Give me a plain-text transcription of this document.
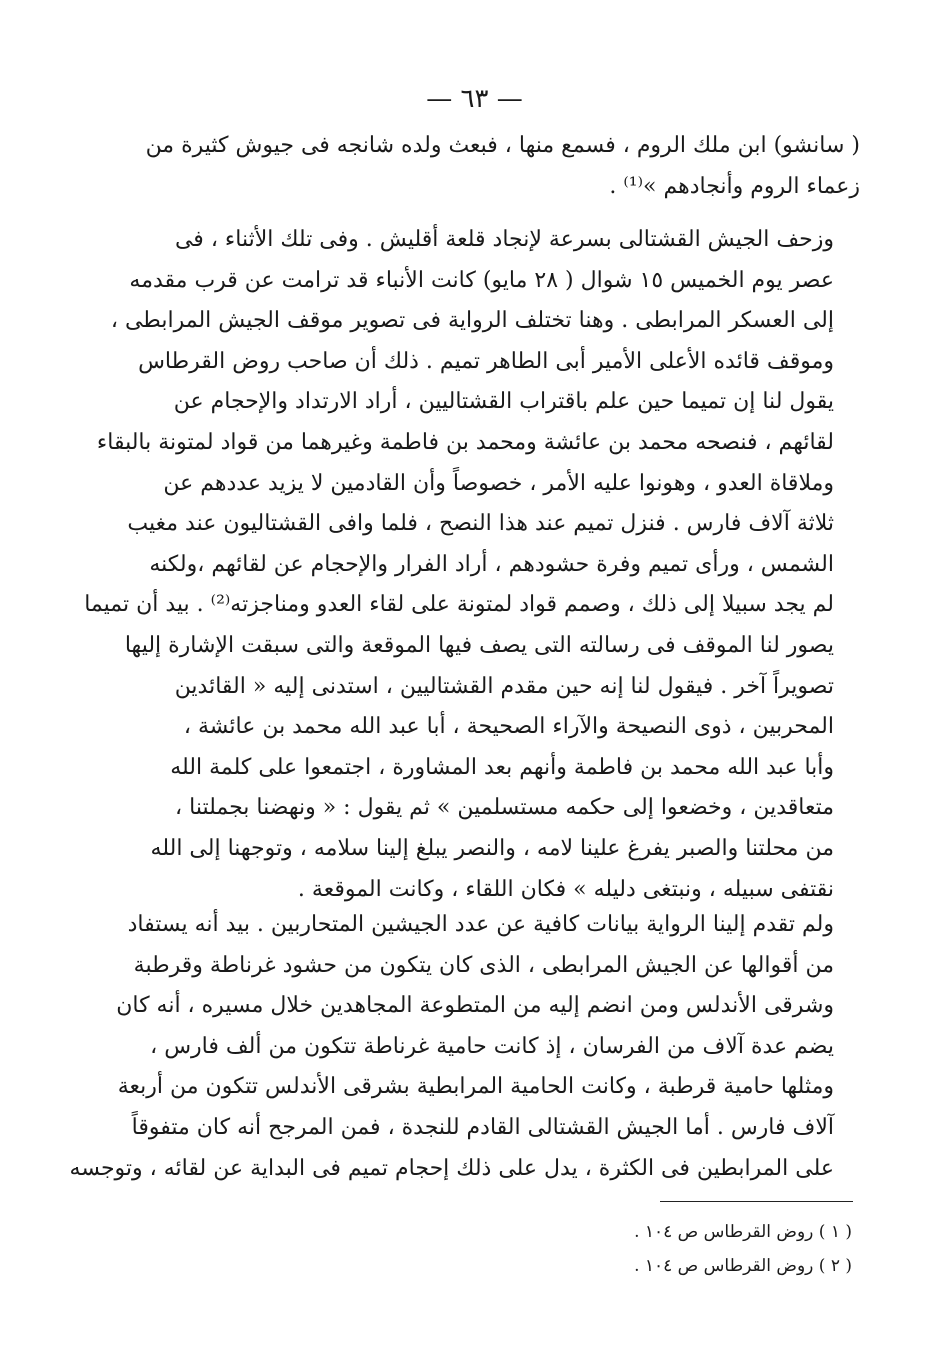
— ٦٣ —
( سانشو) ابن ملك الروم ، فسمع منها ، فبعث ولده شانجه فى جيوش كثيرة من
زعماء الروم وأنجادهم »⁽¹⁾ .
وزحف الجيش القشتالى بسرعة لإنجاد قلعة أقليش . وفى تلك الأثناء ، فى
عصر يوم الخميس ١٥ شوال ( ٢٨ مايو) كانت الأنباء قد ترامت عن قرب مقدمه
إلى العسكر المرابطى . وهنا تختلف الرواية فى تصوير موقف الجيش المرابطى ،
وموقف قائده الأعلى الأمير أبى الطاهر تميم . ذلك أن صاحب روض القرطاس
يقول لنا إن تميما حين علم باقتراب القشتاليين ، أراد الارتداد والإحجام عن
لقائهم ، فنصحه محمد بن عائشة ومحمد بن فاطمة وغيرهما من قواد لمتونة بالبقاء
وملاقاة العدو ، وهونوا عليه الأمر ، خصوصاً وأن القادمين لا يزيد عددهم عن
ثلاثة آلاف فارس . فنزل تميم عند هذا النصح ، فلما وافى القشتاليون عند مغيب
الشمس ، ورأى تميم وفرة حشودهم ، أراد الفرار والإحجام عن لقائهم ،ولكنه
لم يجد سبيلا إلى ذلك ، وصمم قواد لمتونة على لقاء العدو ومناجزته⁽²⁾ . بيد أن تميما
يصور لنا الموقف فى رسالته التى يصف فيها الموقعة والتى سبقت الإشارة إليها
تصويراً آخر . فيقول لنا إنه حين مقدم القشتاليين ، استدنى إليه « القائدين
المحربين ، ذوى النصيحة والآراء الصحيحة ، أبا عبد الله محمد بن عائشة ،
وأبا عبد الله محمد بن فاطمة وأنهم بعد المشاورة ، اجتمعوا على كلمة الله
متعاقدين ، وخضعوا إلى حكمه مستسلمين » ثم يقول : « ونهضنا بجملتنا ،
من محلتنا والصبر يفرغ علينا لامه ، والنصر يبلغ إلينا سلامه ، وتوجهنا إلى الله
نقتفى سبيله ، ونبتغى دليله » فكان اللقاء ، وكانت الموقعة .
ولم تقدم إلينا الرواية بيانات كافية عن عدد الجيشين المتحاربين . بيد أنه يستفاد
من أقوالها عن الجيش المرابطى ، الذى كان يتكون من حشود غرناطة وقرطبة
وشرقى الأندلس ومن انضم إليه من المتطوعة المجاهدين خلال مسيره ، أنه كان
يضم عدة آلاف من الفرسان ، إذ كانت حامية غرناطة تتكون من ألف فارس ،
ومثلها حامية قرطبة ، وكانت الحامية المرابطية بشرقى الأندلس تتكون من أربعة
آلاف فارس . أما الجيش القشتالى القادم للنجدة ، فمن المرجح أنه كان متفوقاً
على المرابطين فى الكثرة ، يدل على ذلك إحجام تميم فى البداية عن لقائه ، وتوجسه
( ١ ) روض القرطاس ص ١٠٤ .
( ٢ ) روض القرطاس ص ١٠٤ .
